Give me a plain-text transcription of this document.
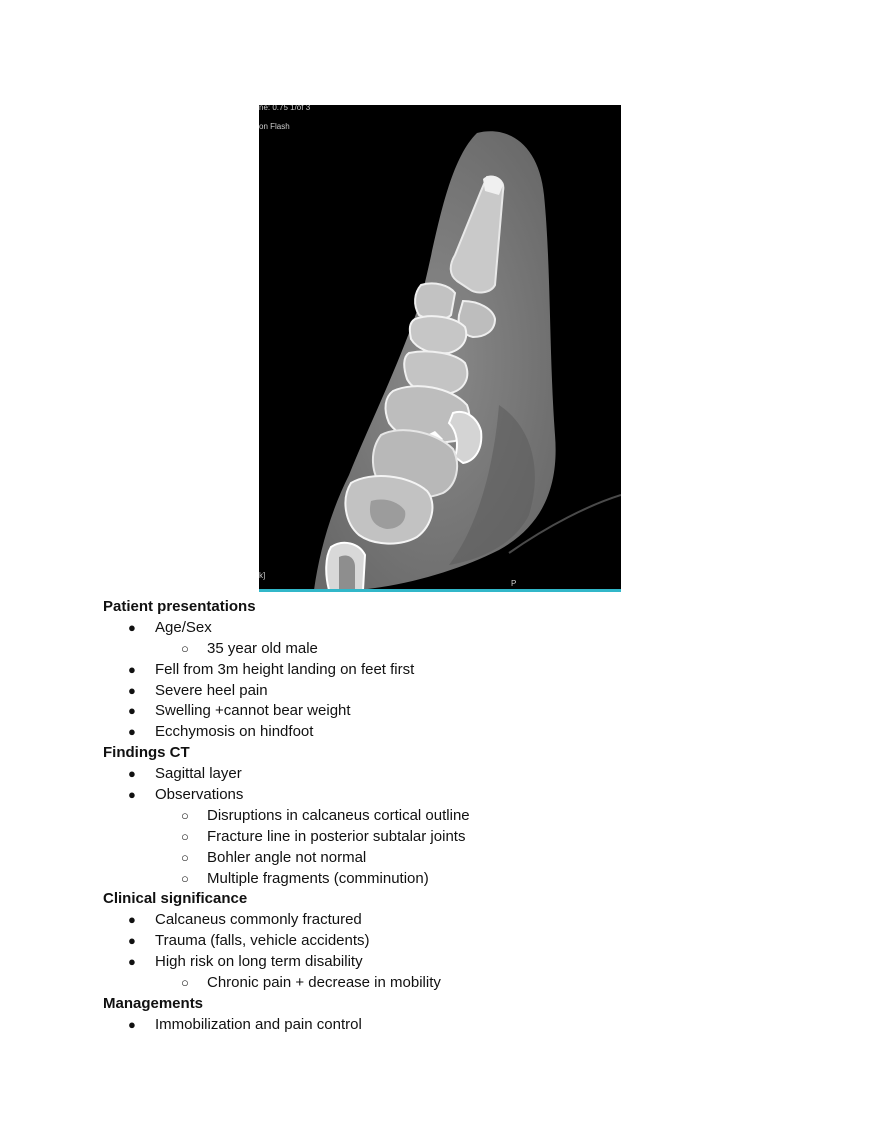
ne: 0.75 1/of 3
on Flash
k]
P
Patient presentations
● Age/Sex
○ 35 year old male
● Fell from 3m height landing on feet first
● Severe heel pain
● Swelling +cannot bear weight
● Ecchymosis on hindfoot
Findings CT
● Sagittal layer
● Observations
○ Disruptions in calcaneus cortical outline
○ Fracture line in posterior subtalar joints
○ Bohler angle not normal
○ Multiple fragments (comminution)
Clinical significance
● Calcaneus commonly fractured
● Trauma (falls, vehicle accidents)
● High risk on long term disability
○ Chronic pain + decrease in mobility
Managements
● Immobilization and pain control
